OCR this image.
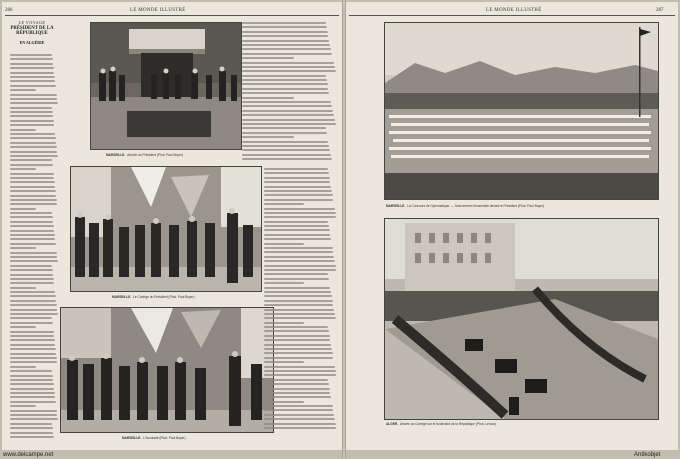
286	LE MONDE ILLUSTRÉ
LE VOYAGE
PRÉSIDENT DE LA RÉPUBLIQUE
EN ALGÉRIE
MARSEILLE. Arrivée du Président (Phot. Paul Boyer)
MARSEILLE. Le Cortège du Président (Phot. Paul Boyer)
MARSEILLE. L'Accolade (Phot. Paul Boyer)
LE MONDE ILLUSTRÉ	287
MARSEILLE. La Concours de Gymnastique. — Mouvement d'ensemble devant le Président (Phot. Paul Boyer)
ALGER. Arrivée du Cortège sur le boulevard de la République (Phot. Leroux)
www.delcampe.net	Antikobjet
